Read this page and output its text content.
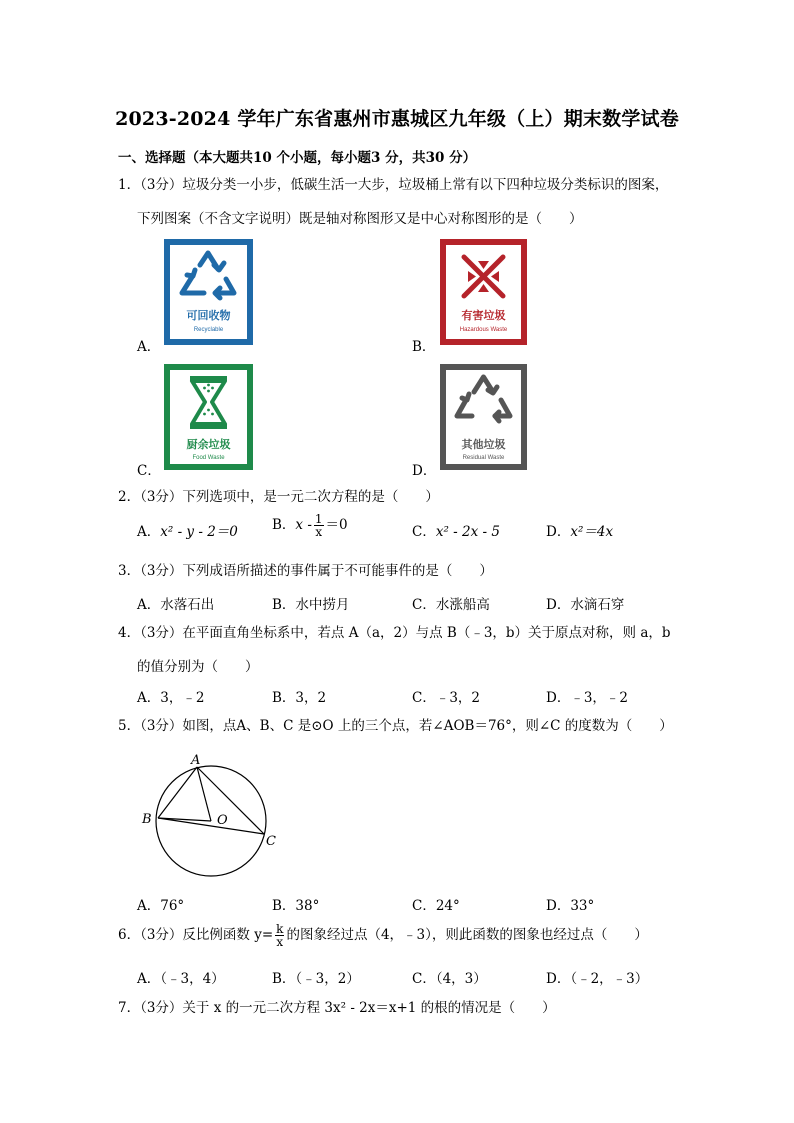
2023-2024 学年广东省惠州市惠城区九年级（上）期末数学试卷
一、选择题（本大题共10 个小题，每小题3 分，共30 分）
1．（3分）垃圾分类一小步，低碳生活一大步，垃圾桶上常有以下四种垃圾分类标识的图案，
下列图案（不含文字说明）既是轴对称图形又是中心对称图形的是（　　）
A．	B．
C．	D．
可回收物
Recyclable
有害垃圾
Hazardous Waste
厨余垃圾
Food Waste
其他垃圾
Residual Waste
2．（3分）下列选项中，是一元二次方程的是（　　）
A．x² - y - 2＝0	B．$x - \frac{1}{x} =0$	C．x² - 2x - 5	D．x²＝4x
3．（3分）下列成语所描述的事件属于不可能事件的是（　　）
A．水落石出	B．水中捞月	C．水涨船高	D．水滴石穿
4．（3分）在平面直角坐标系中，若点 A（a，2）与点 B（﹣3，b）关于原点对称，则 a，b
的值分别为（　　）
A．3，﹣2	B．3，2	C．﹣3，2	D．﹣3，﹣2
5．（3分）如图，点A、B、C 是⊙O 上的三个点，若∠AOB＝76°，则∠C 的度数为（　　）
A
B	O
C
A．76°	B．38°	C．24°	D．33°
6．（3分）反比例函数 $y= \frac{k}{x}$ 的图象经过点（4，﹣3），则此函数的图象也经过点（　　）
A．（﹣3，4）	B．（﹣3，2）	C．（4，3）	D．（﹣2，﹣3）
7．（3分）关于 x 的一元二次方程 3x² - 2x＝x+1 的根的情况是（　　）
